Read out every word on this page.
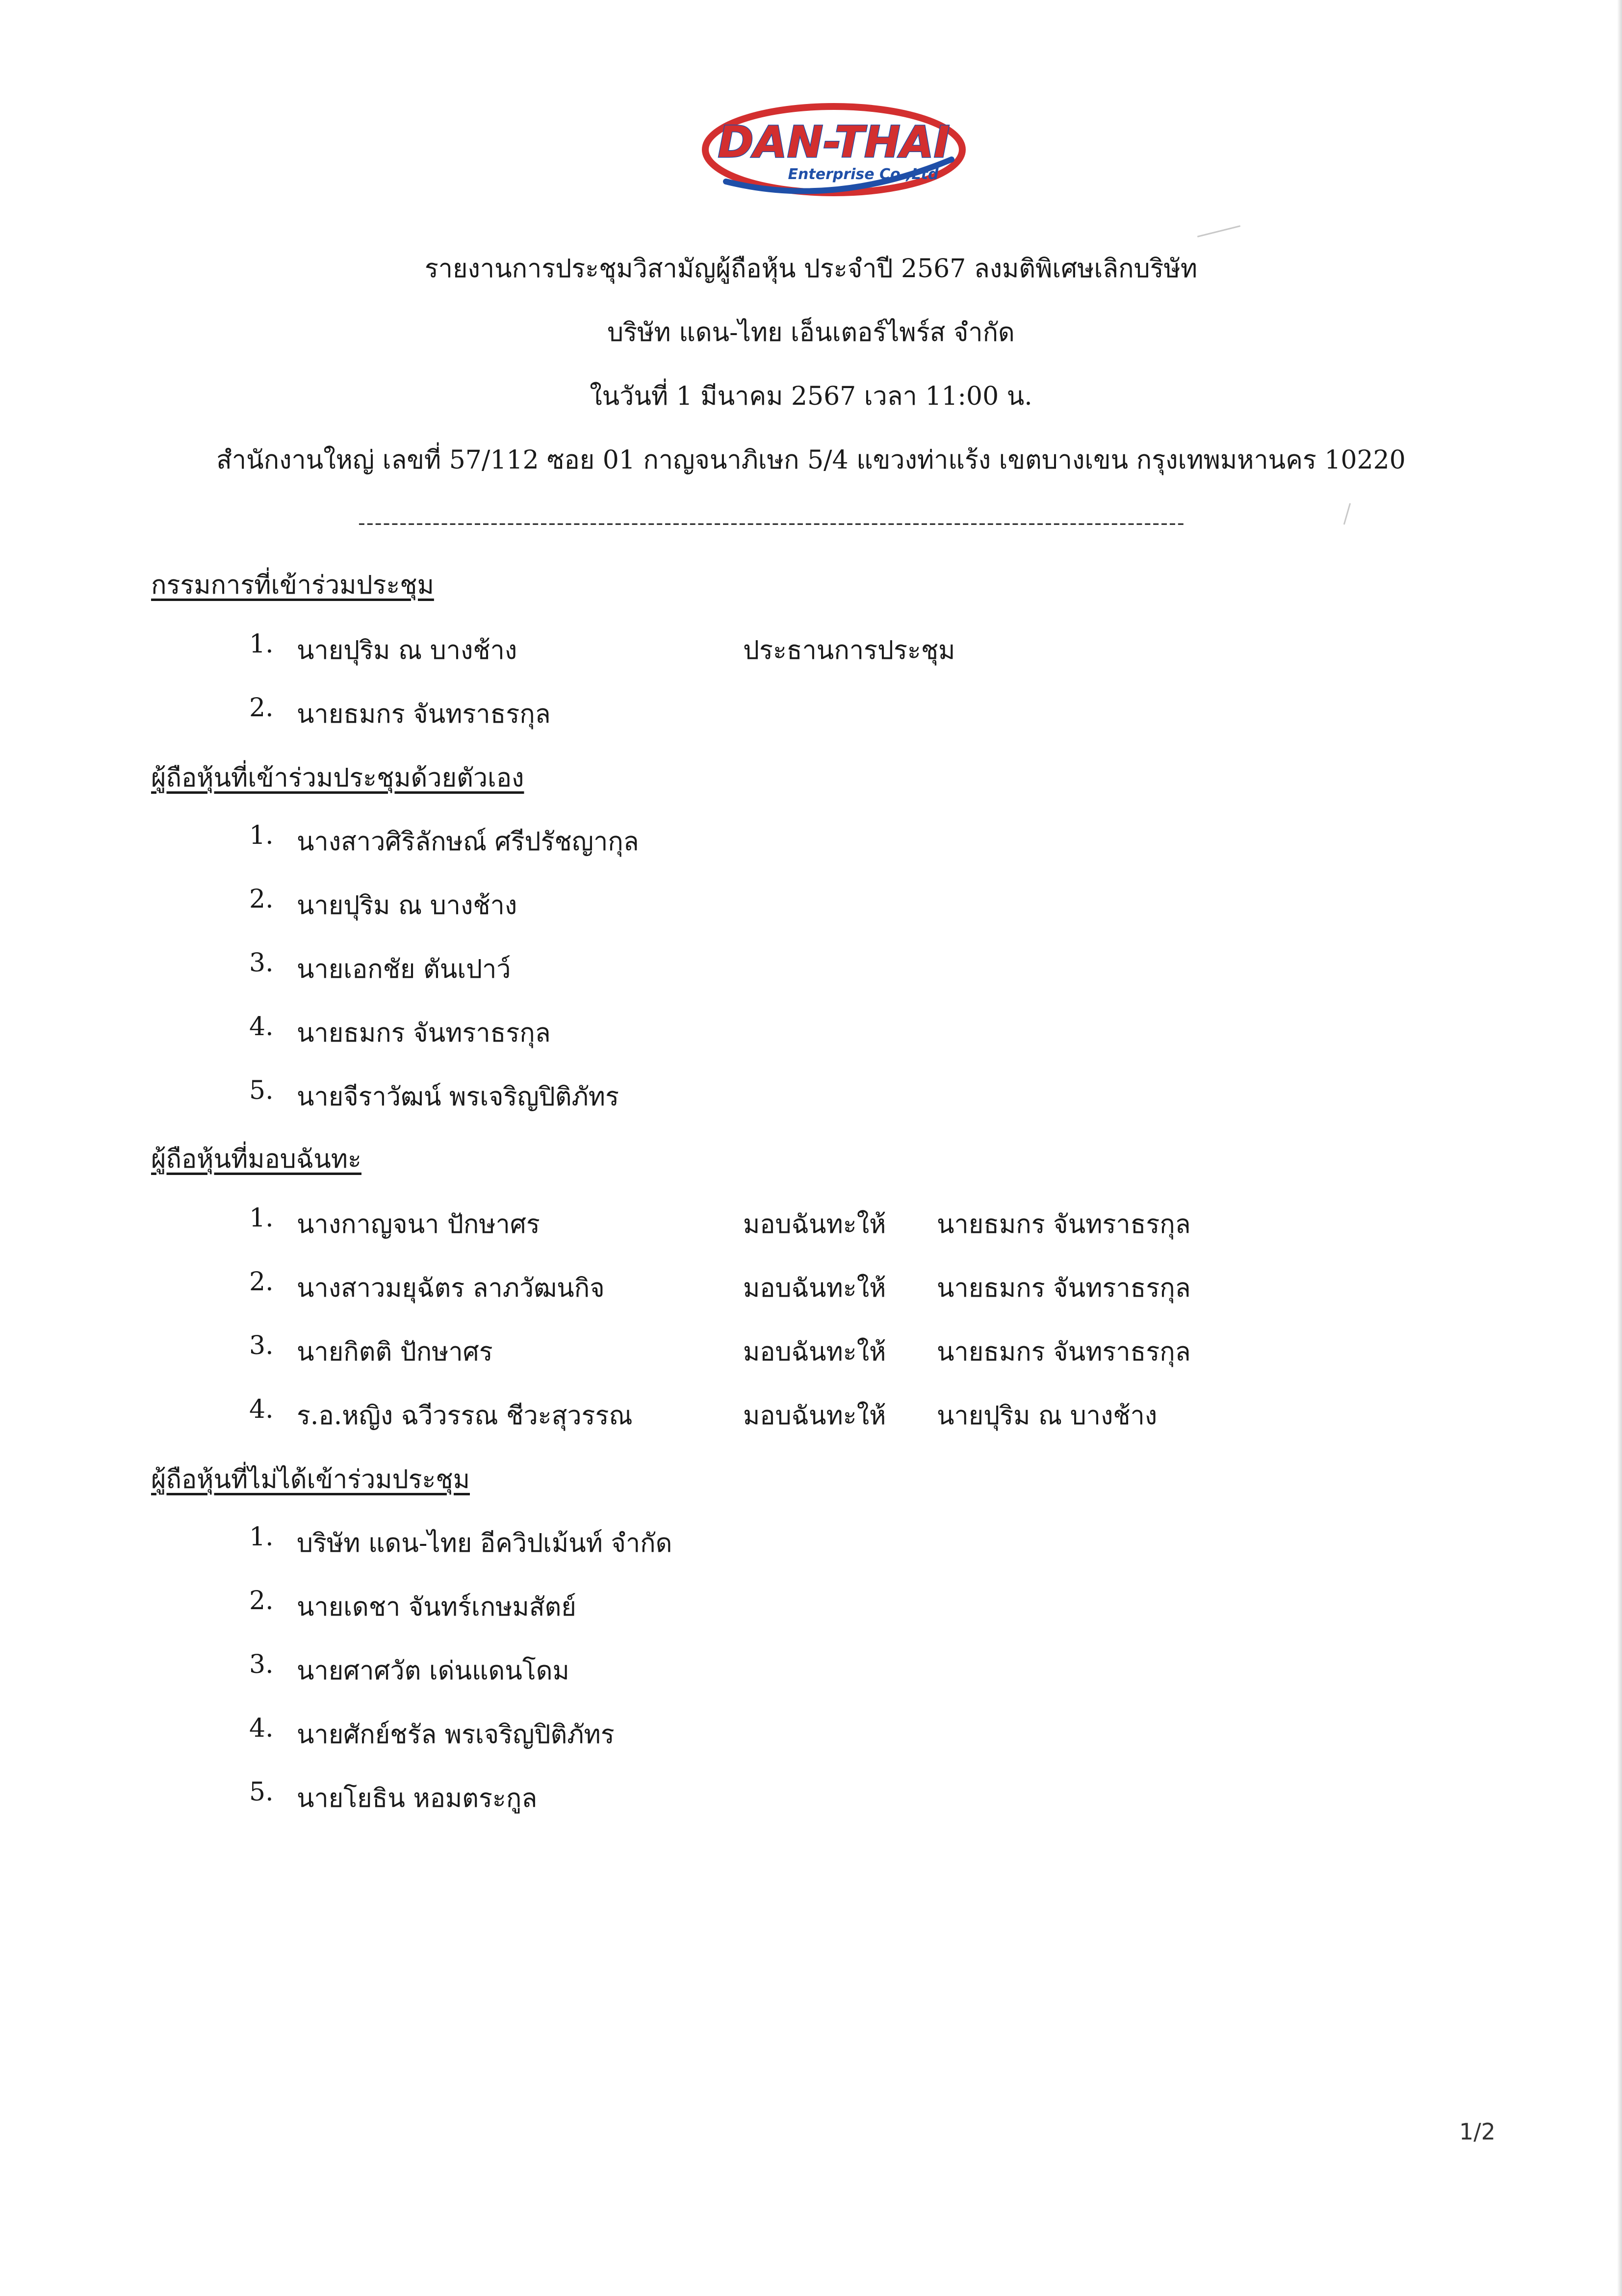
DAN-THAI
Enterprise Co.,Ltd
รายงานการประชุมวิสามัญผู้ถือหุ้น ประจำปี 2567 ลงมติพิเศษเลิกบริษัท
บริษัท แดน-ไทย เอ็นเตอร์ไพร์ส จำกัด
ในวันที่ 1 มีนาคม 2567 เวลา 11:00 น.
สำนักงานใหญ่ เลขที่ 57/112 ซอย 01 กาญจนาภิเษก 5/4 แขวงท่าแร้ง เขตบางเขน กรุงเทพมหานคร 10220
----------------------------------------------------------------------------------------------------
กรรมการที่เข้าร่วมประชุม
1. นายปุริม ณ บางช้าง	ประธานการประชุม
2. นายธมกร จันทราธรกุล
ผู้ถือหุ้นที่เข้าร่วมประชุมด้วยตัวเอง
1. นางสาวศิริลักษณ์ ศรีปรัชญากุล
2. นายปุริม ณ บางช้าง
3. นายเอกชัย ตันเปาว์
4. นายธมกร จันทราธรกุล
5. นายจีราวัฒน์ พรเจริญปิติภัทร
ผู้ถือหุ้นที่มอบฉันทะ
1. นางกาญจนา ปักษาศร	มอบฉันทะให้ นายธมกร จันทราธรกุล
2. นางสาวมยุฉัตร ลาภวัฒนกิจ	มอบฉันทะให้ นายธมกร จันทราธรกุล
3. นายกิตติ ปักษาศร	มอบฉันทะให้ นายธมกร จันทราธรกุล
4. ร.อ.หญิง ฉวีวรรณ ชีวะสุวรรณ	มอบฉันทะให้ นายปุริม ณ บางช้าง
ผู้ถือหุ้นที่ไม่ได้เข้าร่วมประชุม
1. บริษัท แดน-ไทย อีควิปเม้นท์ จำกัด
2. นายเดชา จันทร์เกษมสัตย์
3. นายศาศวัต เด่นแดนโดม
4. นายศักย์ชรัล พรเจริญปิติภัทร
5. นายโยธิน หอมตระกูล
1/2
